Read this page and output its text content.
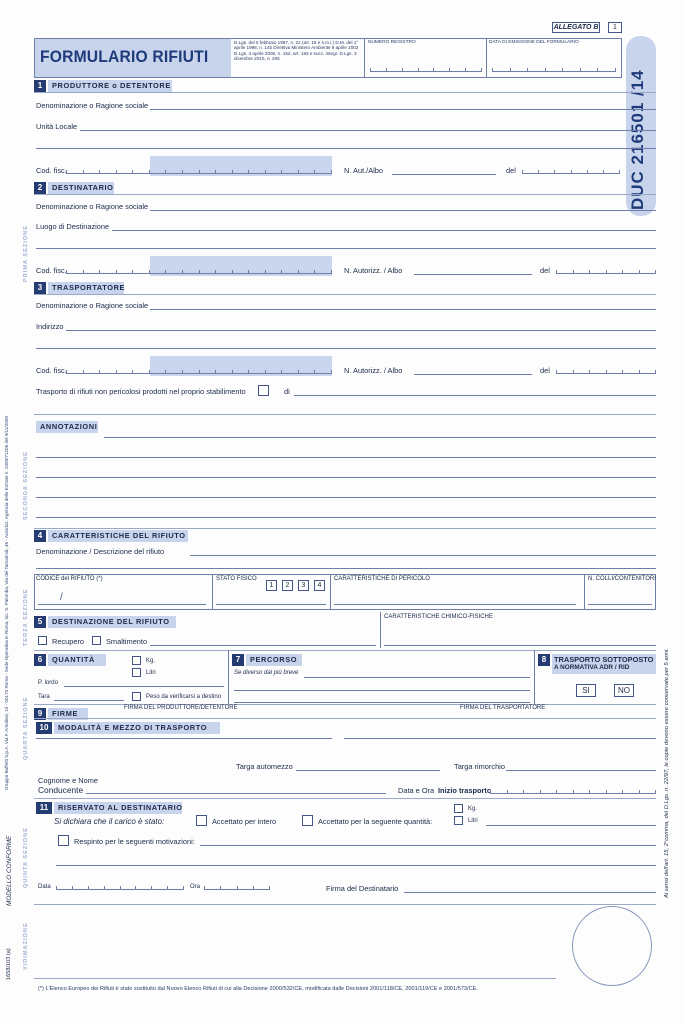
ALLEGATO B	1
FORMULARIO RIFIUTI
D.Lgs. del 5 febbraio 1997, n. 22 (art. 15 e s.m.i.) D.M. del 1° aprile 1998, n. 145 Direttiva Ministero Ambiente 9 aprile 2002 D.Lgs. 3 aprile 2006, n. 152, art. 193 e succ. integr. D.Lgs. 3 dicembre 2010, n. 205
NUMERO REGISTRO	DATA DI EMISSIONE DEL FORMULARIO
DUC 216501 /14
1	PRODUTTORE o DETENTORE
Denominazione o Ragione sociale
Unità Locale
Cod. fisc.	N. Aut./Albo	del
2	DESTINATARIO
Denominazione o Ragione sociale
Luogo di Destinazione
Cod. fisc.	N. Autorizz. / Albo	del
3	TRASPORTATORE
Denominazione o Ragione sociale
Indirizzo
Cod. fisc.	N. Autorizz. / Albo	del
Trasporto di rifiuti non pericolosi prodotti nel proprio stabilimento	di
ANNOTAZIONI
4	CARATTERISTICHE DEL RIFIUTO
Denominazione / Descrizione del rifiuto
CODICE del RIFIUTO (*)
/
STATO FISICO
1	2	3	4
CARATTERISTICHE DI PERICOLO	N. COLLI/CONTENITORI
5	DESTINAZIONE DEL RIFIUTO
Recupero	Smaltimento
CARATTERISTICHE CHIMICO-FISICHE
6	QUANTITÀ	Kg.
Litri
P. lordo
Tara	Peso da verificarsi a destino
7	PERCORSO
Se diverso dal più breve
8	TRASPORTO SOTTOPOSTO
A NORMATIVA ADR / RID
SI	NO
9	FIRME
FIRMA DEL PRODUTTORE/DETENTORE	FIRMA DEL TRASPORTATORE
10	MODALITÀ E MEZZO DI TRASPORTO
Targa automezzo	Targa rimorchio
Cognome e Nome
Conducente	Data e Ora Inizio trasporto
11	RISERVATO AL DESTINATARIO
Si dichiara che il carico è stato:	Accettato per intero	Accettato per la seguente quantità:
Kg.
Litri
Respinto per le seguenti motivazioni:
Data	Ora	Firma del Destinatario
(*) L'Elenco Europeo dei Rifiuti è stato sostituito dal Nuovo Elenco Rifiuti di cui alla Decisione 2000/532/CE, modificata dalle Decisioni 2001/118/CE, 2001/119/CE e 2001/573/CE.
Gruppo Buffetti S.p.A. Via F. Antolisei, 10 - 00173 Roma - Sede Operativa in Roma, loc. S. Palomba, Via del Tamarindi, 48 - Autorizz. Agenzia delle Entrate n. 2009/71206 del 9/11/2009
MODELLO CONFORME
1658/103 (a)
PRIMA SEZIONE
SECONDA SEZIONE
TERZA SEZIONE
QUARTA SEZIONE
QUINTA SEZIONE
VIDIMAZIONE
Ai sensi dell'art. 15, 2°comma, del D.Lgs. n. 22/97, le copie devono essere conservate per 5 anni.
